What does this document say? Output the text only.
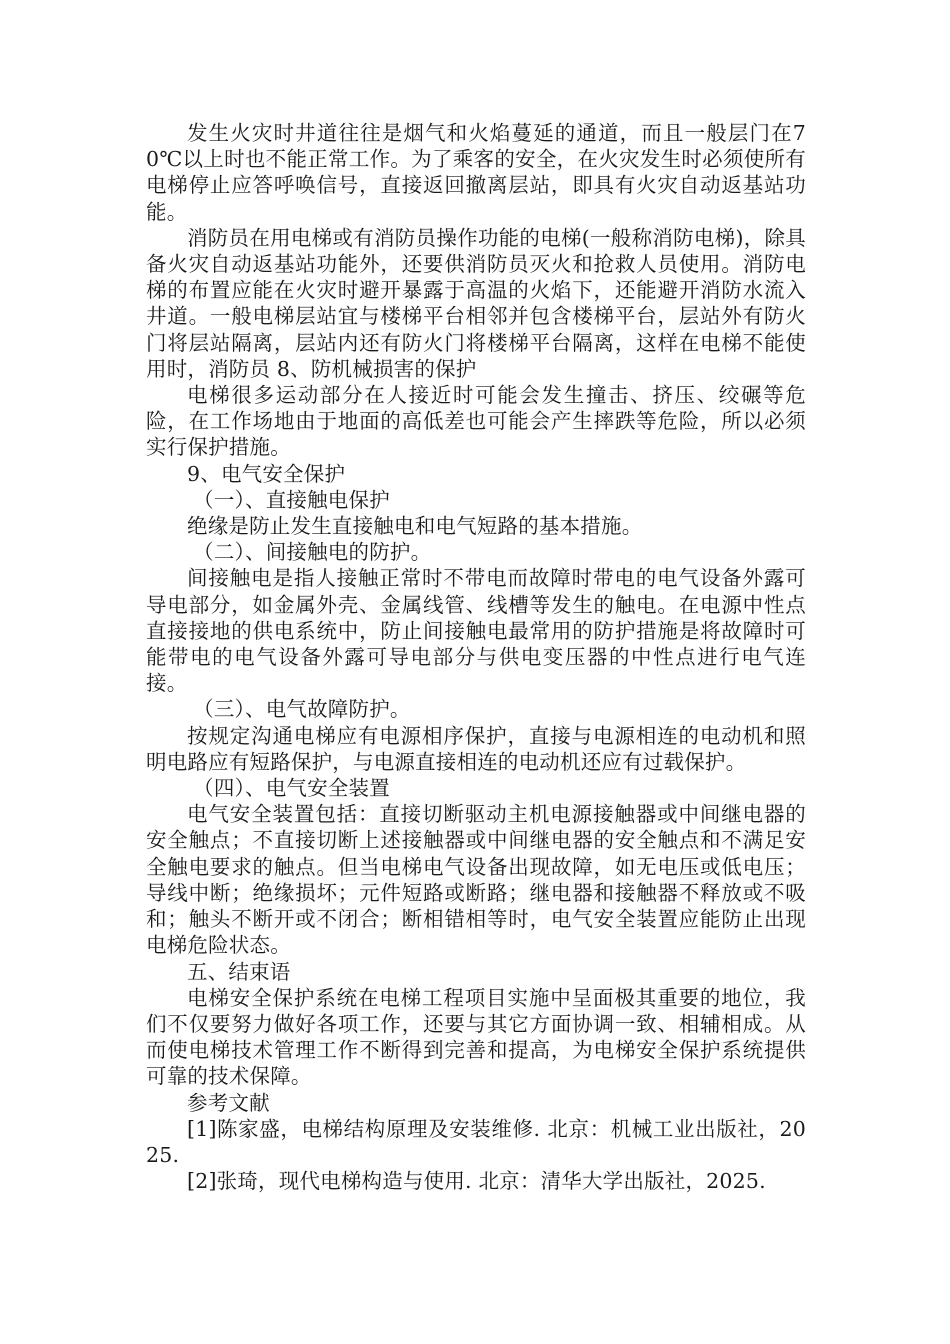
发生火灾时井道往往是烟气和火焰蔓延的通道，而且一般层门在70℃以上时也不能正常工作。为了乘客的安全，在火灾发生时必须使所有电梯停止应答呼唤信号，直接返回撤离层站，即具有火灾自动返基站功能。

消防员在用电梯或有消防员操作功能的电梯(一般称消防电梯)，除具备火灾自动返基站功能外，还要供消防员灭火和抢救人员使用。消防电梯的布置应能在火灾时避开暴露于高温的火焰下，还能避开消防水流入井道。一般电梯层站宜与楼梯平台相邻并包含楼梯平台，层站外有防火门将层站隔离，层站内还有防火门将楼梯平台隔离，这样在电梯不能使用时，消防员 8、防机械损害的保护

电梯很多运动部分在人接近时可能会发生撞击、挤压、绞碾等危险，在工作场地由于地面的高低差也可能会产生摔跌等危险，所以必须实行保护措施。

9、电气安全保护

（一）、直接触电保护

绝缘是防止发生直接触电和电气短路的基本措施。

（二）、间接触电的防护。

间接触电是指人接触正常时不带电而故障时带电的电气设备外露可导电部分，如金属外壳、金属线管、线槽等发生的触电。在电源中性点直接接地的供电系统中，防止间接触电最常用的防护措施是将故障时可能带电的电气设备外露可导电部分与供电变压器的中性点进行电气连接。

（三）、电气故障防护。

按规定沟通电梯应有电源相序保护，直接与电源相连的电动机和照明电路应有短路保护，与电源直接相连的电动机还应有过载保护。

（四）、电气安全装置

电气安全装置包括：直接切断驱动主机电源接触器或中间继电器的安全触点；不直接切断上述接触器或中间继电器的安全触点和不满足安全触电要求的触点。但当电梯电气设备出现故障，如无电压或低电压；导线中断；绝缘损坏；元件短路或断路；继电器和接触器不释放或不吸和；触头不断开或不闭合；断相错相等时，电气安全装置应能防止出现电梯危险状态。

五、结束语

电梯安全保护系统在电梯工程项目实施中呈面极其重要的地位，我们不仅要努力做好各项工作，还要与其它方面协调一致、相辅相成。从而使电梯技术管理工作不断得到完善和提高，为电梯安全保护系统提供可靠的技术保障。

参考文献

[1]陈家盛，电梯结构原理及安装维修. 北京：机械工业出版社，2025.

[2]张琦，现代电梯构造与使用. 北京：清华大学出版社，2025.
